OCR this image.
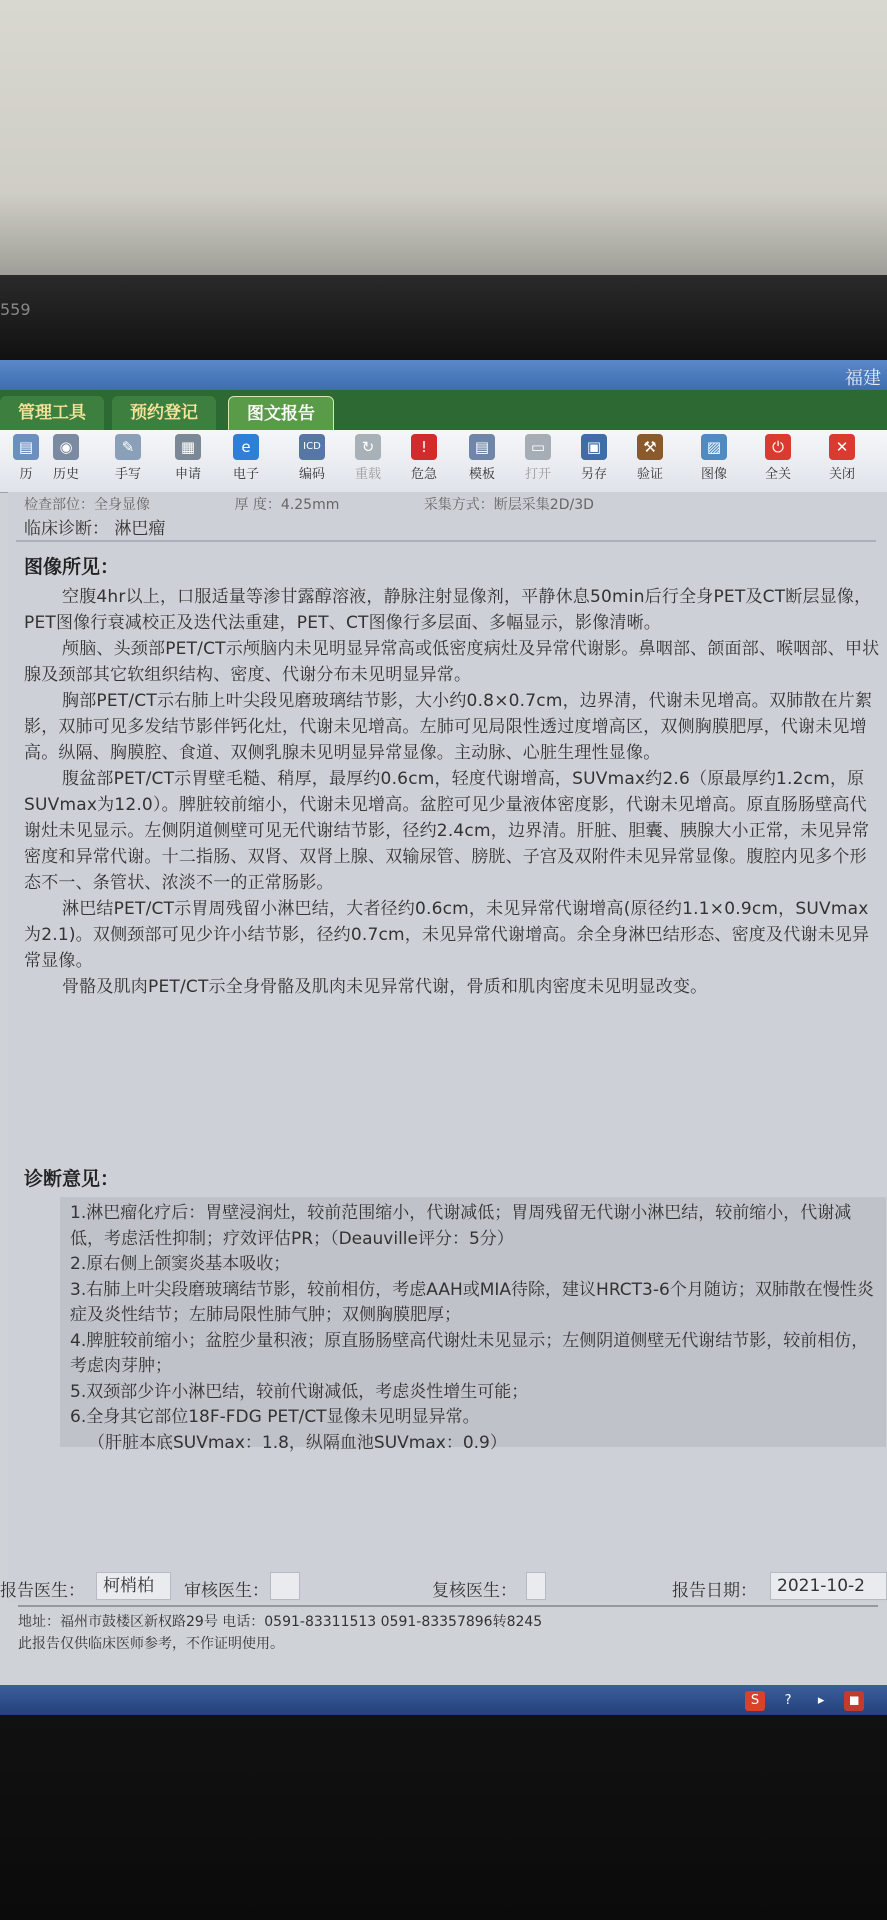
559
福建
管理工具	预约登记	图文报告
▤
历
◉
历史
✎
手写
▦
申请
e
电子
ICD
编码
↻
重载
!
危急
▤
模板
▭
打开
▣
另存
⚒
验证
▨
图像
⏻
全关
✕
关闭
检查部位：全身显像	厚 度：4.25mm	采集方式：断层采集2D/3D
临床诊断： 淋巴瘤
图像所见：

空腹4hr以上，口服适量等渗甘露醇溶液，静脉注射显像剂，平静休息50min后行全身PET及CT断层显像，PET图像行衰减校正及迭代法重建，PET、CT图像行多层面、多幅显示，影像清晰。

颅脑、头颈部PET/CT示颅脑内未见明显异常高或低密度病灶及异常代谢影。鼻咽部、颌面部、喉咽部、甲状腺及颈部其它软组织结构、密度、代谢分布未见明显异常。

胸部PET/CT示右肺上叶尖段见磨玻璃结节影，大小约0.8×0.7cm，边界清，代谢未见增高。双肺散在片絮影，双肺可见多发结节影伴钙化灶，代谢未见增高。左肺可见局限性透过度增高区，双侧胸膜肥厚，代谢未见增高。纵隔、胸膜腔、食道、双侧乳腺未见明显异常显像。主动脉、心脏生理性显像。

腹盆部PET/CT示胃壁毛糙、稍厚，最厚约0.6cm，轻度代谢增高，SUVmax约2.6（原最厚约1.2cm，原SUVmax为12.0）。脾脏较前缩小，代谢未见增高。盆腔可见少量液体密度影，代谢未见增高。原直肠肠壁高代谢灶未见显示。左侧阴道侧壁可见无代谢结节影，径约2.4cm，边界清。肝脏、胆囊、胰腺大小正常，未见异常密度和异常代谢。十二指肠、双肾、双肾上腺、双输尿管、膀胱、子宫及双附件未见异常显像。腹腔内见多个形态不一、条管状、浓淡不一的正常肠影。

淋巴结PET/CT示胃周残留小淋巴结，大者径约0.6cm，未见异常代谢增高(原径约1.1×0.9cm，SUVmax为2.1)。双侧颈部可见少许小结节影，径约0.7cm，未见异常代谢增高。余全身淋巴结形态、密度及代谢未见异常显像。

骨骼及肌肉PET/CT示全身骨骼及肌肉未见异常代谢，骨质和肌肉密度未见明显改变。

诊断意见：

1.淋巴瘤化疗后：胃壁浸润灶，较前范围缩小，代谢减低；胃周残留无代谢小淋巴结，较前缩小，代谢减低，考虑活性抑制；疗效评估PR；（Deauville评分：5分）

2.原右侧上颌窦炎基本吸收；

3.右肺上叶尖段磨玻璃结节影，较前相仿，考虑AAH或MIA待除，建议HRCT3-6个月随访；双肺散在慢性炎症及炎性结节；左肺局限性肺气肿；双侧胸膜肥厚；

4.脾脏较前缩小；盆腔少量积液；原直肠肠壁高代谢灶未见显示；左侧阴道侧壁无代谢结节影，较前相仿，考虑肉芽肿；

5.双颈部少许小淋巴结，较前代谢减低，考虑炎性增生可能；

6.全身其它部位18F-FDG PET/CT显像未见明显异常。

（肝脏本底SUVmax：1.8，纵隔血池SUVmax：0.9）

报告医生：	柯梢柏	审核医生：	复核医生：	报告日期：	2021-10-2
地址：福州市鼓楼区新权路29号 电话：0591-83311513 0591-83357896转8245
此报告仅供临床医师参考，不作证明使用。
S ? ▸ ◼
